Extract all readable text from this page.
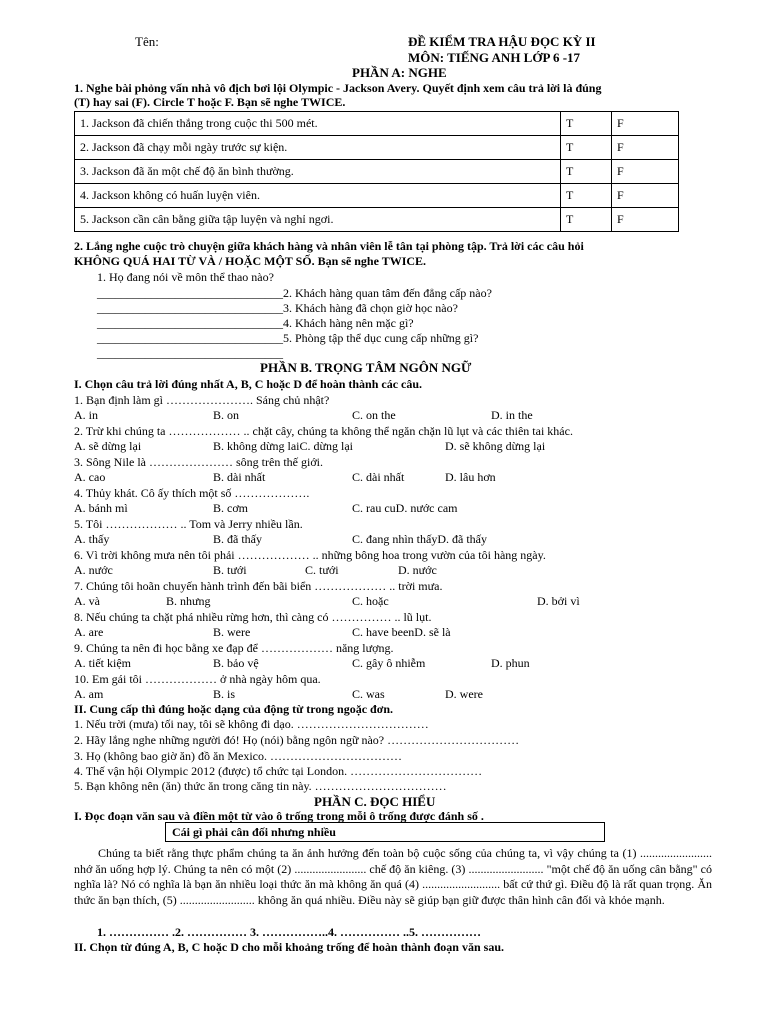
Tên:	ĐỀ KIỂM TRA HẬU ĐỌC KỲ II
MÔN: TIẾNG ANH LỚP 6 -17
PHẦN A: NGHE
1. Nghe bài phỏng vấn nhà vô địch bơi lội Olympic - Jackson Avery. Quyết định xem câu trả lời là đúng
(T) hay sai (F). Circle T hoặc F. Bạn sẽ nghe TWICE.
1. Jackson đã chiến thắng trong cuộc thi 500 mét.	T	F
2. Jackson đã chạy mỗi ngày trước sự kiện.	T	F
3. Jackson đã ăn một chế độ ăn bình thường.	T	F
4. Jackson không có huấn luyện viên.	T	F
5. Jackson cần cân bằng giữa tập luyện và nghỉ ngơi.	T	F
2. Lắng nghe cuộc trò chuyện giữa khách hàng và nhân viên lễ tân tại phòng tập. Trả lời các câu hỏi
KHÔNG QUÁ HAI TỪ VÀ / HOẶC MỘT SỐ. Bạn sẽ nghe TWICE.
1. Họ đang nói về môn thể thao nào?
_______________________________2. Khách hàng quan tâm đến đẳng cấp nào?
_______________________________3. Khách hàng đã chọn giờ học nào?
_______________________________4. Khách hàng nên mặc gì?
_______________________________5. Phòng tập thể dục cung cấp những gì?
_______________________________
PHẦN B. TRỌNG TÂM NGÔN NGỮ
I. Chọn câu trả lời đúng nhất A, B, C hoặc D để hoàn thành các câu.
1. Bạn định làm gì …………………. Sáng chủ nhật?
A. in	B. on	C. on the	D. in the
2. Trừ khi chúng ta ……………… .. chặt cây, chúng ta không thể ngăn chặn lũ lụt và các thiên tai khác.
A. sẽ dừng lại	B. không dừng laiC. dừng lại	D. sẽ không dừng lại
3. Sông Nile là ………………… sông trên thế giới.
A. cao	B. dài nhất	C. dài nhất	D. lâu hơn
4. Thủy khát. Cô ấy thích một số ……………….
A. bánh mì	B. cơm	C. rau cuD. nước cam
5. Tôi ……………… .. Tom và Jerry nhiều lần.
A. thấy	B. đã thấy	C. đang nhìn thấyD. đã thấy
6. Vì trời không mưa nên tôi phải ……………… .. những bông hoa trong vườn của tôi hàng ngày.
A. nước	B. tưới	C. tưới	D. nước
7. Chúng tôi hoãn chuyến hành trình đến bãi biển ……………… .. trời mưa.
A. và	B. nhưng	C. hoặc	D. bởi vì
8. Nếu chúng ta chặt phá nhiều rừng hơn, thì càng có …………… .. lũ lụt.
A. are	B. were	C. have beenD. sẽ là
9. Chúng ta nên đi học bằng xe đạp để ……………… năng lượng.
A. tiết kiệm	B. bảo vệ	C. gây ô nhiễm	D. phun
10. Em gái tôi ……………… ở nhà ngày hôm qua.
A. am	B. is	C. was	D. were
II. Cung cấp thì đúng hoặc dạng của động từ trong ngoặc đơn.
1. Nếu trời (mưa) tối nay, tôi sẽ không đi dạo. ……………………………
2. Hãy lắng nghe những người đó! Họ (nói) bằng ngôn ngữ nào? ……………………………
3. Họ (không bao giờ ăn) đồ ăn Mexico. ……………………………
4. Thế vận hội Olympic 2012 (được) tổ chức tại London. ……………………………
5. Bạn không nên (ăn) thức ăn trong căng tin này. ……………………………
PHẦN C. ĐỌC HIỂU
I. Đọc đoạn văn sau và điền một từ vào ô trống trong mỗi ô trống được đánh số .
Cái gì phải cân đối nhưng nhiều
Chúng ta biết rằng thực phẩm chúng ta ăn ảnh hưởng đến toàn bộ cuộc sống của chúng ta, vì vậy chúng ta (1) ........................ nhớ ăn uống hợp lý. Chúng ta nên có một (2) ........................ chế độ ăn kiêng. (3) ......................... "một chế độ ăn uống cân bằng" có nghĩa là? Nó có nghĩa là bạn ăn nhiều loại thức ăn mà không ăn quá (4) .......................... bất cứ thứ gì. Điều độ là rất quan trọng. Ăn thức ăn bạn thích, (5) ......................... không ăn quá nhiều. Điều này sẽ giúp bạn giữ được thân hình cân đối và khỏe mạnh.
1. …………… .2. …………… 3. ……………..4. …………… ..5. ……………
II. Chọn từ đúng A, B, C hoặc D cho mỗi khoảng trống để hoàn thành đoạn văn sau.
